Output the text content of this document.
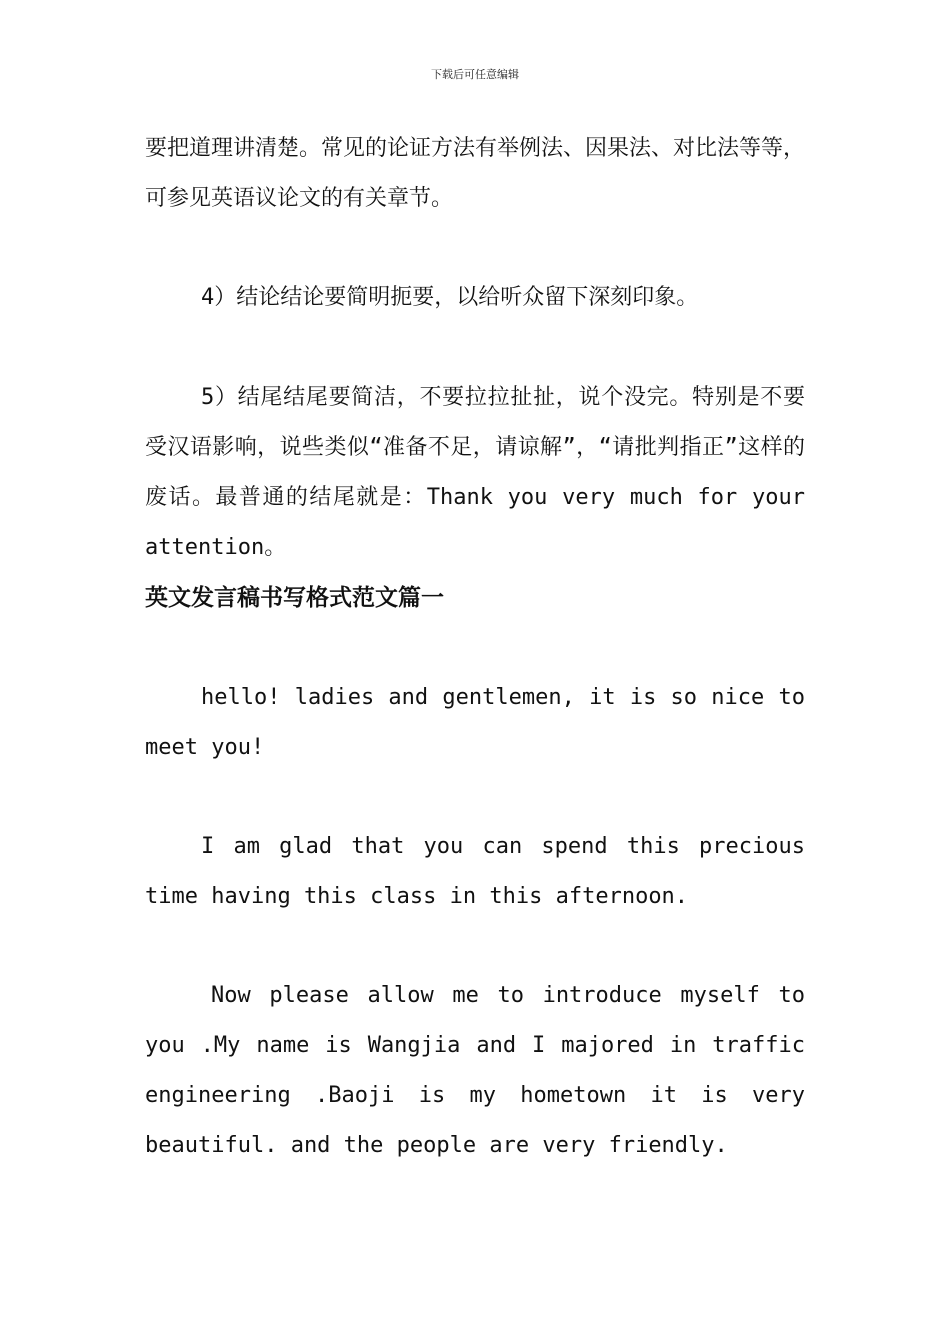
下载后可任意编辑

要把道理讲清楚。常见的论证方法有举例法、因果法、对比法等等，可参见英语议论文的有关章节。

4）结论结论要简明扼要，以给听众留下深刻印象。

5）结尾结尾要简洁，不要拉拉扯扯，说个没完。特别是不要受汉语影响，说些类似“准备不足，请谅解”，“请批判指正”这样的废话。最普通的结尾就是：Thank you very much for your attention。

英文发言稿书写格式范文篇一

hello! ladies and gentlemen, it is so nice to meet you!

I am glad that you can spend this precious time having this class in this afternoon.

Now please allow me to introduce myself to you .My name is Wangjia and I majored in traffic engineering .Baoji is my hometown it is very beautiful. and the people are very friendly.
